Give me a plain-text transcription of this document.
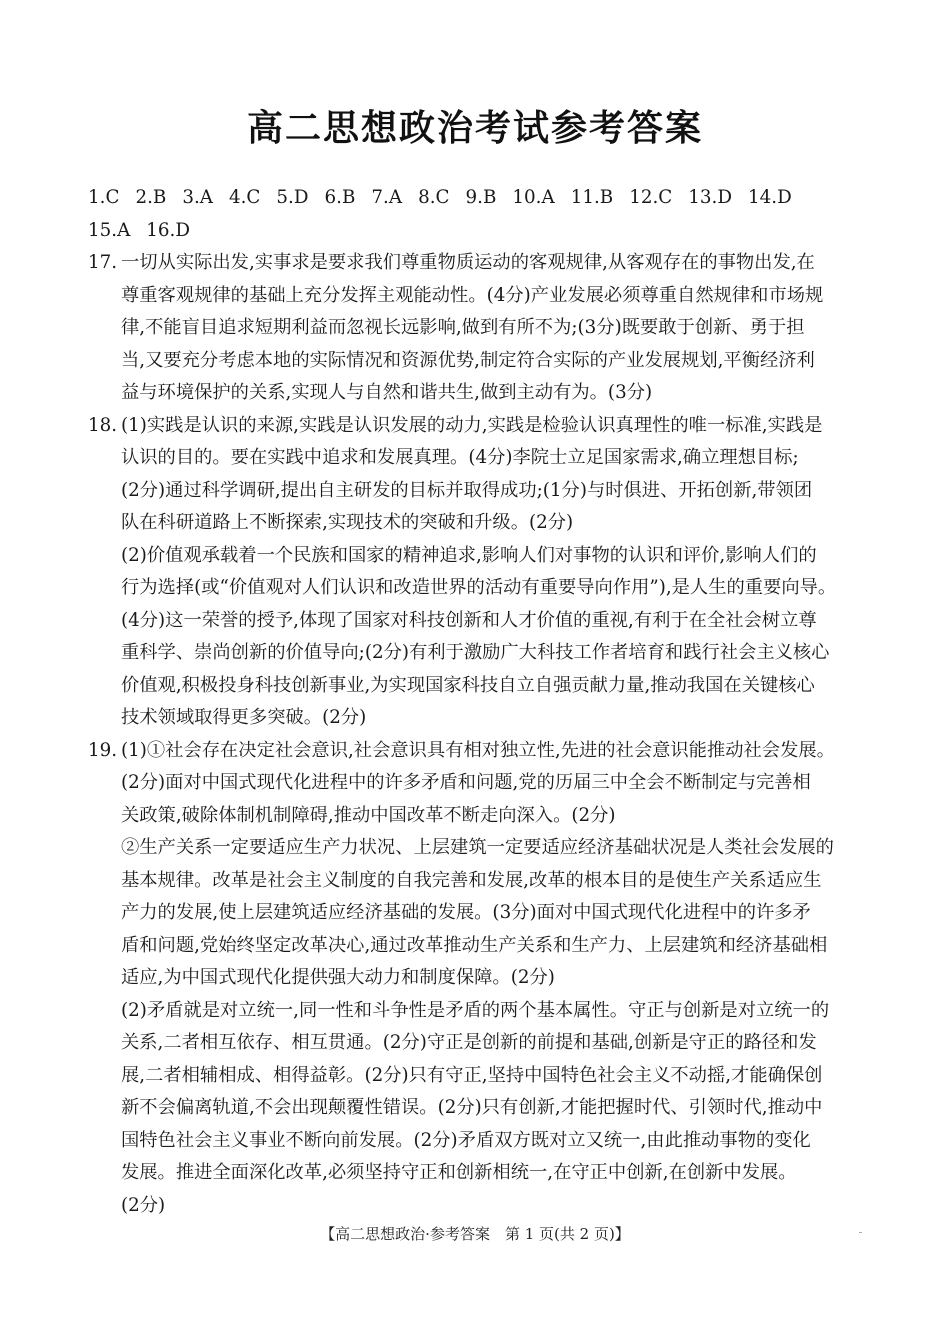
高二思想政治考试参考答案
1.C 2.B 3.A 4.C 5.D 6.B 7.A 8.C 9.B 10.A 11.B 12.C 13.D 14.D
15.A 16.D
17. 一切从实际出发,实事求是要求我们尊重物质运动的客观规律,从客观存在的事物出发,在
尊重客观规律的基础上充分发挥主观能动性。(4分)产业发展必须尊重自然规律和市场规
律,不能盲目追求短期利益而忽视长远影响,做到有所不为;(3分)既要敢于创新、勇于担
当,又要充分考虑本地的实际情况和资源优势,制定符合实际的产业发展规划,平衡经济利
益与环境保护的关系,实现人与自然和谐共生,做到主动有为。(3分)
18. (1)实践是认识的来源,实践是认识发展的动力,实践是检验认识真理性的唯一标准,实践是
认识的目的。要在实践中追求和发展真理。(4分)李院士立足国家需求,确立理想目标;
(2分)通过科学调研,提出自主研发的目标并取得成功;(1分)与时俱进、开拓创新,带领团
队在科研道路上不断探索,实现技术的突破和升级。(2分)
(2)价值观承载着一个民族和国家的精神追求,影响人们对事物的认识和评价,影响人们的
行为选择(或“价值观对人们认识和改造世界的活动有重要导向作用”),是人生的重要向导。
(4分)这一荣誉的授予,体现了国家对科技创新和人才价值的重视,有利于在全社会树立尊
重科学、崇尚创新的价值导向;(2分)有利于激励广大科技工作者培育和践行社会主义核心
价值观,积极投身科技创新事业,为实现国家科技自立自强贡献力量,推动我国在关键核心
技术领域取得更多突破。(2分)
19. (1)①社会存在决定社会意识,社会意识具有相对独立性,先进的社会意识能推动社会发展。
(2分)面对中国式现代化进程中的许多矛盾和问题,党的历届三中全会不断制定与完善相
关政策,破除体制机制障碍,推动中国改革不断走向深入。(2分)
②生产关系一定要适应生产力状况、上层建筑一定要适应经济基础状况是人类社会发展的
基本规律。改革是社会主义制度的自我完善和发展,改革的根本目的是使生产关系适应生
产力的发展,使上层建筑适应经济基础的发展。(3分)面对中国式现代化进程中的许多矛
盾和问题,党始终坚定改革决心,通过改革推动生产关系和生产力、上层建筑和经济基础相
适应,为中国式现代化提供强大动力和制度保障。(2分)
(2)矛盾就是对立统一,同一性和斗争性是矛盾的两个基本属性。守正与创新是对立统一的
关系,二者相互依存、相互贯通。(2分)守正是创新的前提和基础,创新是守正的路径和发
展,二者相辅相成、相得益彰。(2分)只有守正,坚持中国特色社会主义不动摇,才能确保创
新不会偏离轨道,不会出现颠覆性错误。(2分)只有创新,才能把握时代、引领时代,推动中
国特色社会主义事业不断向前发展。(2分)矛盾双方既对立又统一,由此推动事物的变化
发展。推进全面深化改革,必须坚持守正和创新相统一,在守正中创新,在创新中发展。
(2分)
【高二思想政治·参考答案　第 1 页(共 2 页)】
